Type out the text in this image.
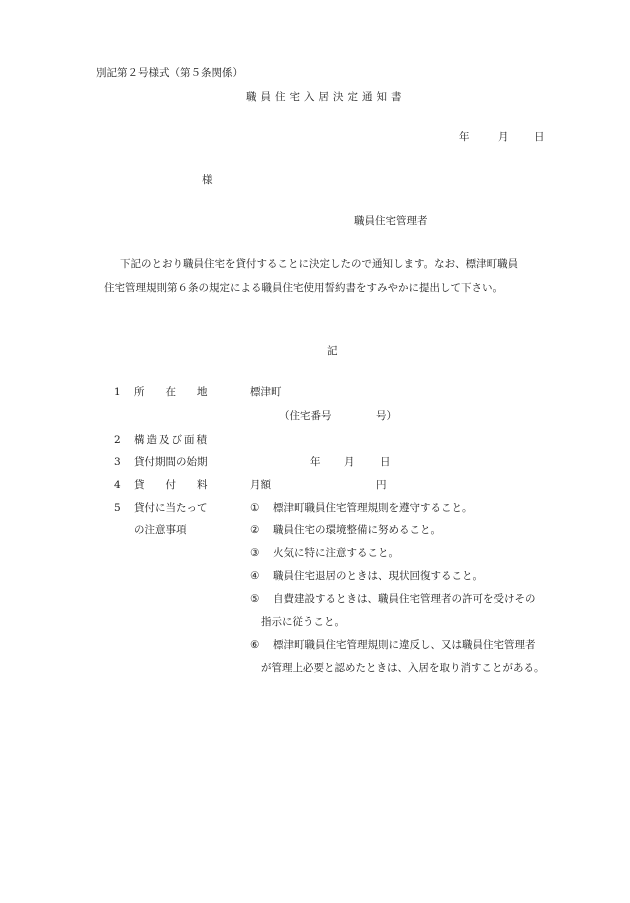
別記第２号様式（第５条関係）
職員住宅入居決定通知書
年	月 日
様
職員住宅管理者
下記のとおり職員住宅を貸付することに決定したので通知します。なお、標津町職員
住宅管理規則第６条の規定による職員住宅使用誓約書をすみやかに提出して下さい。
記
1 所在地 標津町
（住宅番号	号）
2 構造及び面積
3 貸付期間の始期	年 月 日
4 貸付料 月額	円
5 貸付に当たって
の注意事項
① 標津町職員住宅管理規則を遵守すること。
② 職員住宅の環境整備に努めること。
③ 火気に特に注意すること。
④ 職員住宅退居のときは、現状回復すること。
⑤ 自費建設するときは、職員住宅管理者の許可を受けその
指示に従うこと。
⑥ 標津町職員住宅管理規則に違反し、又は職員住宅管理者
が管理上必要と認めたときは、入居を取り消すことがある。
